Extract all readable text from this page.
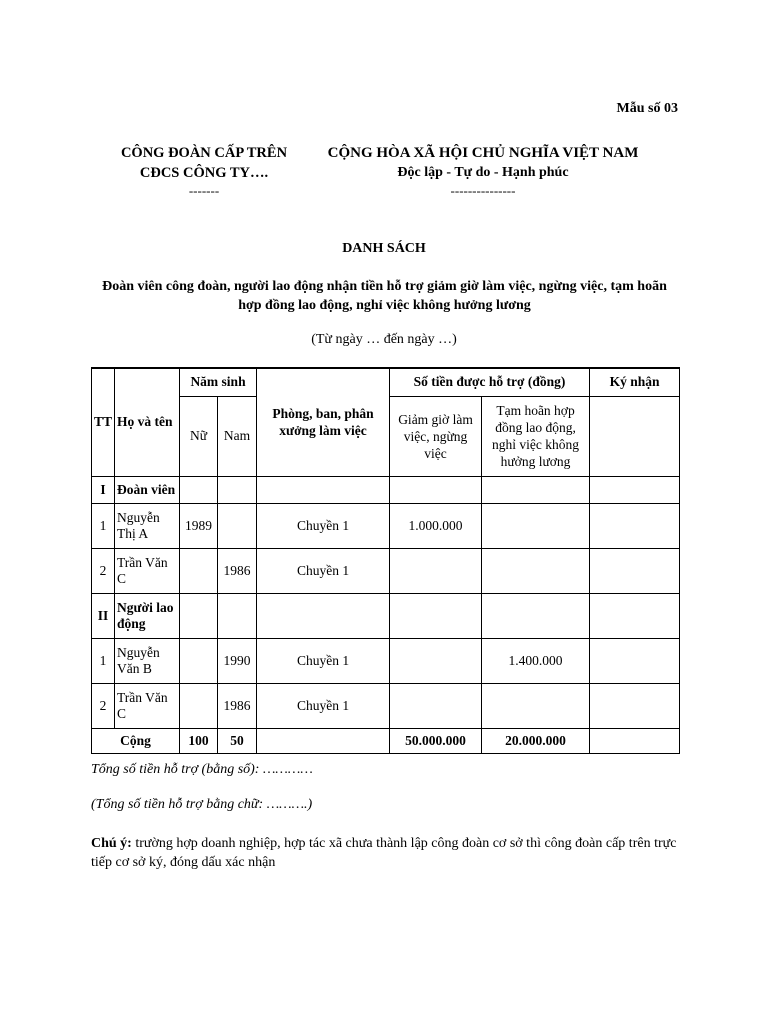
Mẫu số 03
CÔNG ĐOÀN CẤP TRÊN
CĐCS CÔNG TY….
-------
CỘNG HÒA XÃ HỘI CHỦ NGHĨA VIỆT NAM
Độc lập - Tự do - Hạnh phúc
---------------
DANH SÁCH
Đoàn viên công đoàn, người lao động nhận tiền hỗ trợ giảm giờ làm việc, ngừng việc, tạm hoãn hợp đồng lao động, nghỉ việc không hưởng lương
(Từ ngày … đến ngày …)
TT	Họ và tên	Năm sinh		Phòng, ban, phân xưởng làm việc	Số tiền được hỗ trợ (đồng)		Ký nhận
		Nữ	Nam		Giảm giờ làm việc, ngừng việc	Tạm hoãn hợp đồng lao động, nghỉ việc không hưởng lương	
I	Đoàn viên						
1	Nguyễn Thị A	1989		Chuyền 1	1.000.000		
2	Trần Văn C		1986	Chuyền 1			
II	Người lao động						
1	Nguyễn Văn B		1990	Chuyền 1		1.400.000	
2	Trần Văn C		1986	Chuyền 1			
Cộng		100	50		50.000.000	20.000.000	
Tổng số tiền hỗ trợ (bằng số): …………
(Tổng số tiền hỗ trợ bằng chữ: ……….)
Chú ý: trường hợp doanh nghiệp, hợp tác xã chưa thành lập công đoàn cơ sở thì công đoàn cấp trên trực tiếp cơ sở ký, đóng dấu xác nhận
